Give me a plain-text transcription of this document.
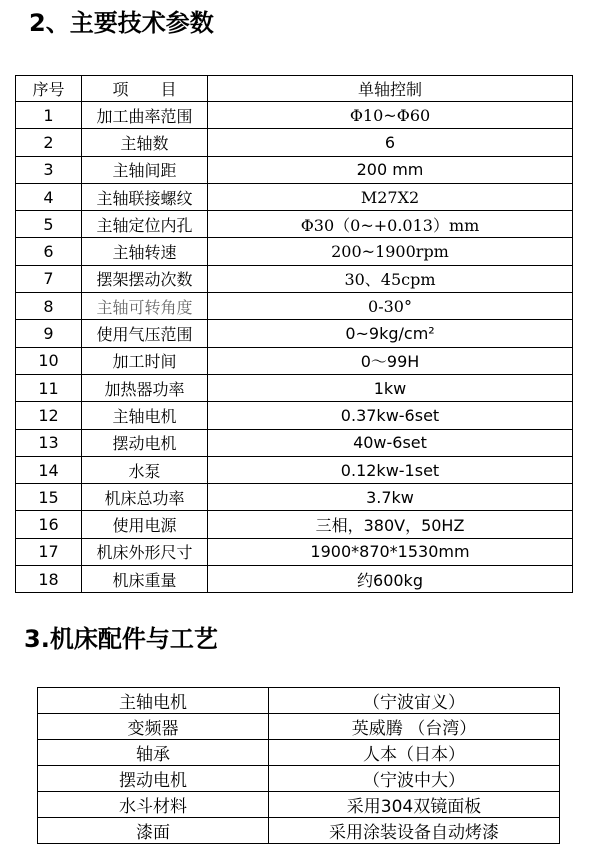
2、主要技术参数
序号	项　　目	单轴控制
1	加工曲率范围	Φ10~Φ60
2	主轴数	6
3	主轴间距	200 mm
4	主轴联接螺纹	M27X2
5	主轴定位内孔	Φ30（0~+0.013）mm
6	主轴转速	200~1900rpm
7	摆架摆动次数	30、45cpm
8	主轴可转角度	0-30°
9	使用气压范围	0~9kg/cm²
10	加工时间	0～99H
11	加热器功率	1kw
12	主轴电机	0.37kw-6set
13	摆动电机	40w-6set
14	水泵	0.12kw-1set
15	机床总功率	3.7kw
16	使用电源	三相，380V，50HZ
17	机床外形尺寸	1900*870*1530mm
18	机床重量	约600kg
3.机床配件与工艺
主轴电机	（宁波宙义）
变频器	英威腾 （台湾）
轴承	人本（日本）
摆动电机	（宁波中大）
水斗材料	采用304双镜面板
漆面	采用涂装设备自动烤漆
